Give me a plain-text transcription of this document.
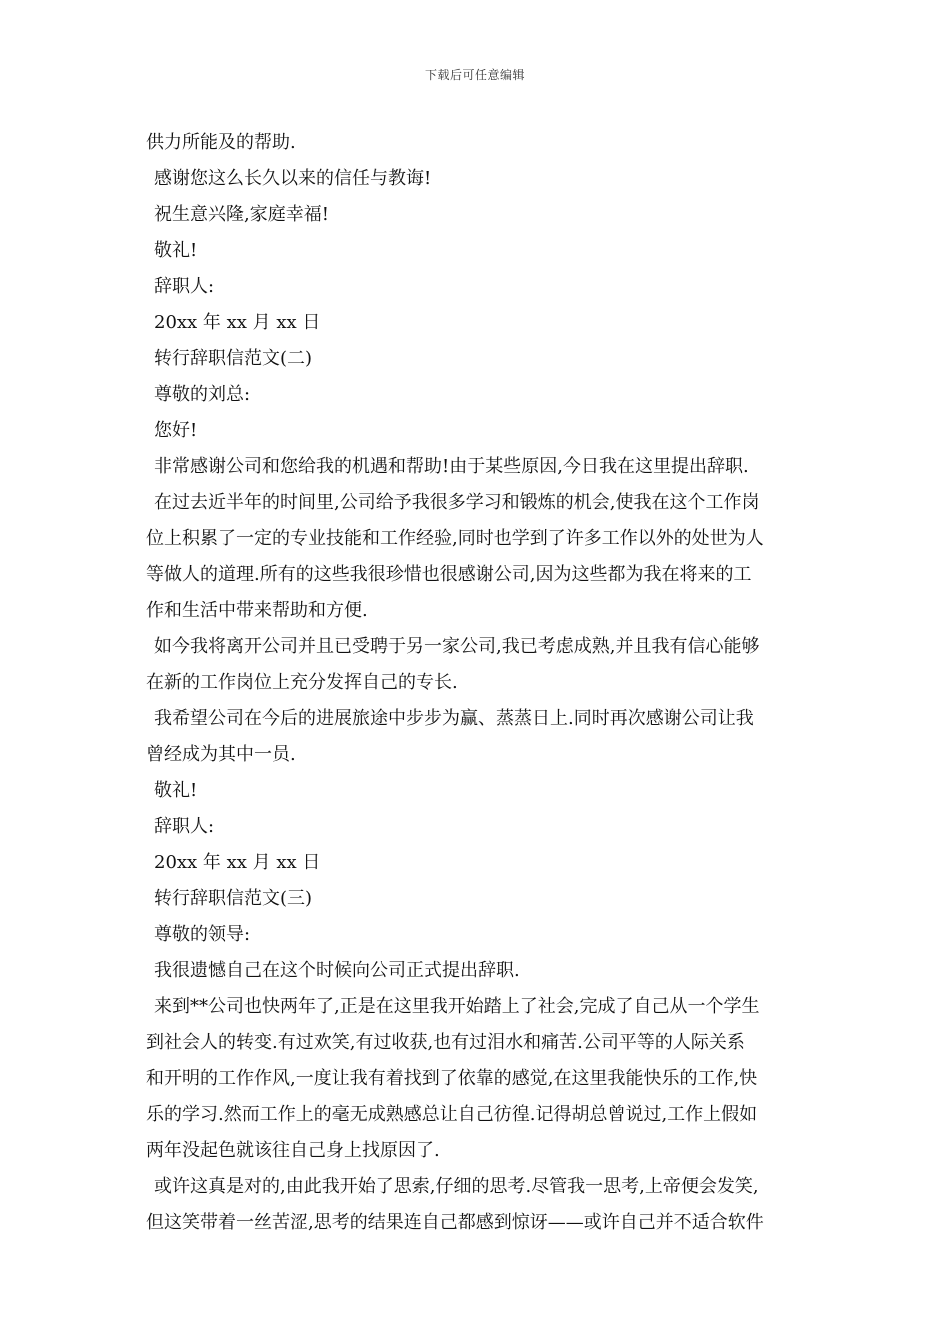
下载后可任意编辑
供力所能及的帮助.
感谢您这么长久以来的信任与教诲!
祝生意兴隆,家庭幸福!
敬礼!
辞职人:
20xx 年 xx 月 xx 日
转行辞职信范文(二)
尊敬的刘总:
您好!
非常感谢公司和您给我的机遇和帮助!由于某些原因,今日我在这里提出辞职.
在过去近半年的时间里,公司给予我很多学习和锻炼的机会,使我在这个工作岗
位上积累了一定的专业技能和工作经验,同时也学到了许多工作以外的处世为人
等做人的道理.所有的这些我很珍惜也很感谢公司,因为这些都为我在将来的工
作和生活中带来帮助和方便.
如今我将离开公司并且已受聘于另一家公司,我已考虑成熟,并且我有信心能够
在新的工作岗位上充分发挥自己的专长.
我希望公司在今后的进展旅途中步步为赢、蒸蒸日上.同时再次感谢公司让我
曾经成为其中一员.
敬礼!
辞职人:
20xx 年 xx 月 xx 日
转行辞职信范文(三)
尊敬的领导:
我很遗憾自己在这个时候向公司正式提出辞职.
来到**公司也快两年了,正是在这里我开始踏上了社会,完成了自己从一个学生
到社会人的转变.有过欢笑,有过收获,也有过泪水和痛苦.公司平等的人际关系
和开明的工作作风,一度让我有着找到了依靠的感觉,在这里我能快乐的工作,快
乐的学习.然而工作上的毫无成熟感总让自己彷徨.记得胡总曾说过,工作上假如
两年没起色就该往自己身上找原因了.
或许这真是对的,由此我开始了思索,仔细的思考.尽管我一思考,上帝便会发笑,
但这笑带着一丝苦涩,思考的结果连自己都感到惊讶——或许自己并不适合软件
